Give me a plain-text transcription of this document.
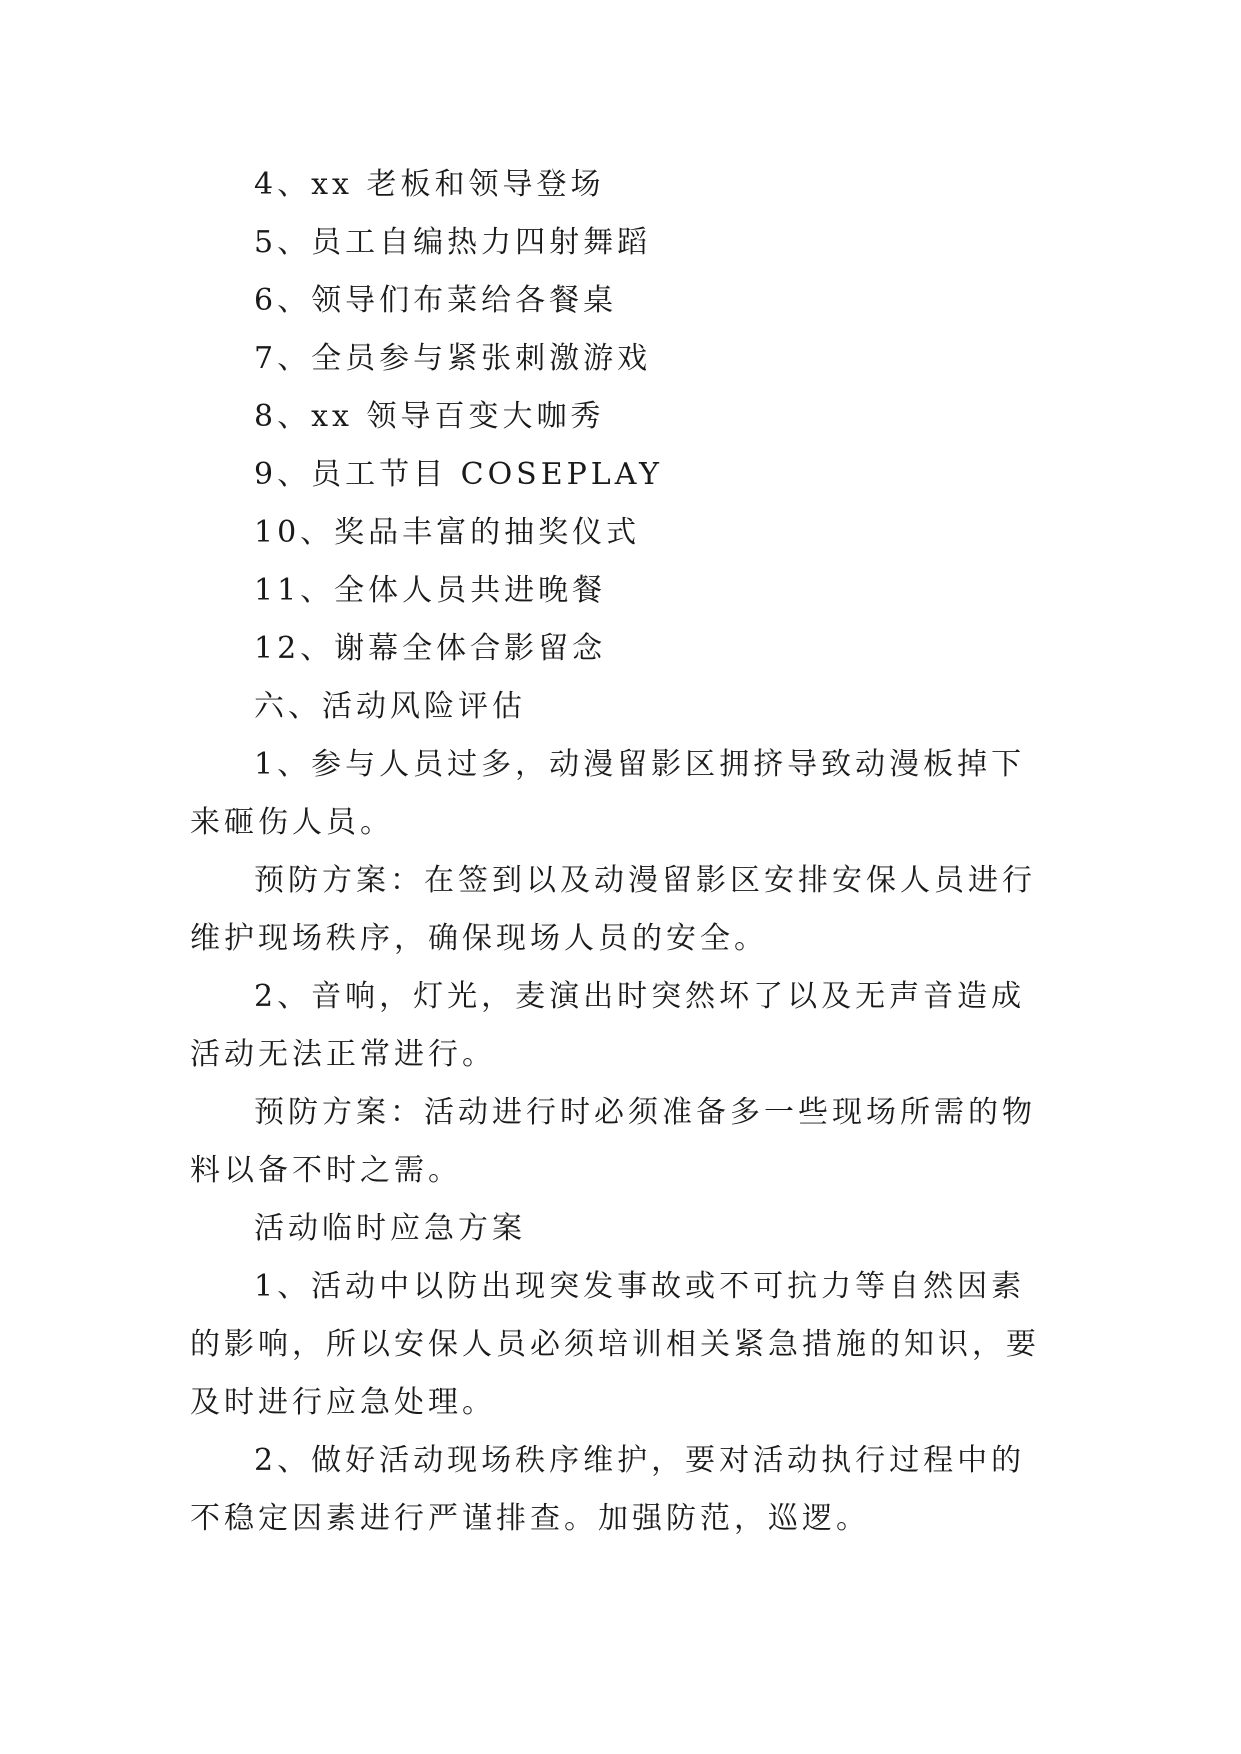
4、xx 老板和领导登场

5、员工自编热力四射舞蹈

6、领导们布菜给各餐桌

7、全员参与紧张刺激游戏

8、xx 领导百变大咖秀

9、员工节目 COSEPLAY

10、奖品丰富的抽奖仪式

11、全体人员共进晚餐

12、谢幕全体合影留念

六、活动风险评估

1、参与人员过多，动漫留影区拥挤导致动漫板掉下来砸伤人员。

预防方案：在签到以及动漫留影区安排安保人员进行维护现场秩序，确保现场人员的安全。

2、音响，灯光，麦演出时突然坏了以及无声音造成活动无法正常进行。

预防方案：活动进行时必须准备多一些现场所需的物料以备不时之需。

活动临时应急方案

1、活动中以防出现突发事故或不可抗力等自然因素的影响，所以安保人员必须培训相关紧急措施的知识，要及时进行应急处理。

2、做好活动现场秩序维护，要对活动执行过程中的不稳定因素进行严谨排查。加强防范，巡逻。
